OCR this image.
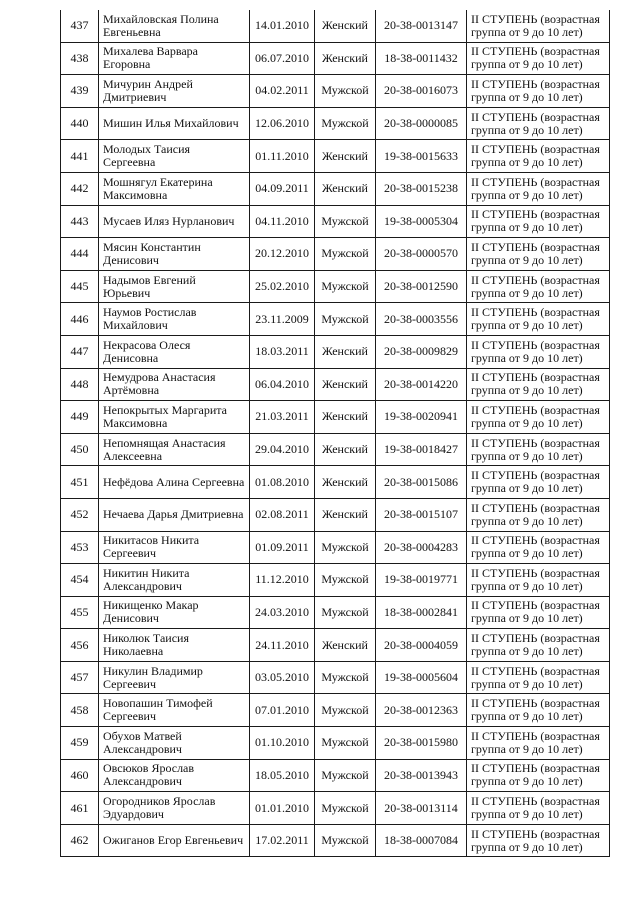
437	Михайловская Полина Евгеньевна	14.01.2010	Женский	20-38-0013147	II СТУПЕНЬ (возрастная группа от 9 до 10 лет)
438	Михалева Варвара Егоровна	06.07.2010	Женский	18-38-0011432	II СТУПЕНЬ (возрастная группа от 9 до 10 лет)
439	Мичурин Андрей Дмитриевич	04.02.2011	Мужской	20-38-0016073	II СТУПЕНЬ (возрастная группа от 9 до 10 лет)
440	Мишин Илья Михайлович	12.06.2010	Мужской	20-38-0000085	II СТУПЕНЬ (возрастная группа от 9 до 10 лет)
441	Молодых Таисия Сергеевна	01.11.2010	Женский	19-38-0015633	II СТУПЕНЬ (возрастная группа от 9 до 10 лет)
442	Мошнягул Екатерина Максимовна	04.09.2011	Женский	20-38-0015238	II СТУПЕНЬ (возрастная группа от 9 до 10 лет)
443	Мусаев Иляз Нурланович	04.11.2010	Мужской	19-38-0005304	II СТУПЕНЬ (возрастная группа от 9 до 10 лет)
444	Мясин Константин Денисович	20.12.2010	Мужской	20-38-0000570	II СТУПЕНЬ (возрастная группа от 9 до 10 лет)
445	Надымов Евгений Юрьевич	25.02.2010	Мужской	20-38-0012590	II СТУПЕНЬ (возрастная группа от 9 до 10 лет)
446	Наумов Ростислав Михайлович	23.11.2009	Мужской	20-38-0003556	II СТУПЕНЬ (возрастная группа от 9 до 10 лет)
447	Некрасова Олеся Денисовна	18.03.2011	Женский	20-38-0009829	II СТУПЕНЬ (возрастная группа от 9 до 10 лет)
448	Немудрова Анастасия Артёмовна	06.04.2010	Женский	20-38-0014220	II СТУПЕНЬ (возрастная группа от 9 до 10 лет)
449	Непокрытых Маргарита Максимовна	21.03.2011	Женский	19-38-0020941	II СТУПЕНЬ (возрастная группа от 9 до 10 лет)
450	Непомнящая Анастасия Алексеевна	29.04.2010	Женский	19-38-0018427	II СТУПЕНЬ (возрастная группа от 9 до 10 лет)
451	Нефёдова Алина Сергеевна	01.08.2010	Женский	20-38-0015086	II СТУПЕНЬ (возрастная группа от 9 до 10 лет)
452	Нечаева Дарья Дмитриевна	02.08.2011	Женский	20-38-0015107	II СТУПЕНЬ (возрастная группа от 9 до 10 лет)
453	Никитасов Никита Сергеевич	01.09.2011	Мужской	20-38-0004283	II СТУПЕНЬ (возрастная группа от 9 до 10 лет)
454	Никитин Никита Александрович	11.12.2010	Мужской	19-38-0019771	II СТУПЕНЬ (возрастная группа от 9 до 10 лет)
455	Никищенко Макар Денисович	24.03.2010	Мужской	18-38-0002841	II СТУПЕНЬ (возрастная группа от 9 до 10 лет)
456	Николюк Таисия Николаевна	24.11.2010	Женский	20-38-0004059	II СТУПЕНЬ (возрастная группа от 9 до 10 лет)
457	Никулин Владимир Сергеевич	03.05.2010	Мужской	19-38-0005604	II СТУПЕНЬ (возрастная группа от 9 до 10 лет)
458	Новопашин Тимофей Сергеевич	07.01.2010	Мужской	20-38-0012363	II СТУПЕНЬ (возрастная группа от 9 до 10 лет)
459	Обухов Матвей Александрович	01.10.2010	Мужской	20-38-0015980	II СТУПЕНЬ (возрастная группа от 9 до 10 лет)
460	Овсюков Ярослав Александрович	18.05.2010	Мужской	20-38-0013943	II СТУПЕНЬ (возрастная группа от 9 до 10 лет)
461	Огородников Ярослав Эдуардович	01.01.2010	Мужской	20-38-0013114	II СТУПЕНЬ (возрастная группа от 9 до 10 лет)
462	Ожиганов Егор Евгеньевич	17.02.2011	Мужской	18-38-0007084	II СТУПЕНЬ (возрастная группа от 9 до 10 лет)
